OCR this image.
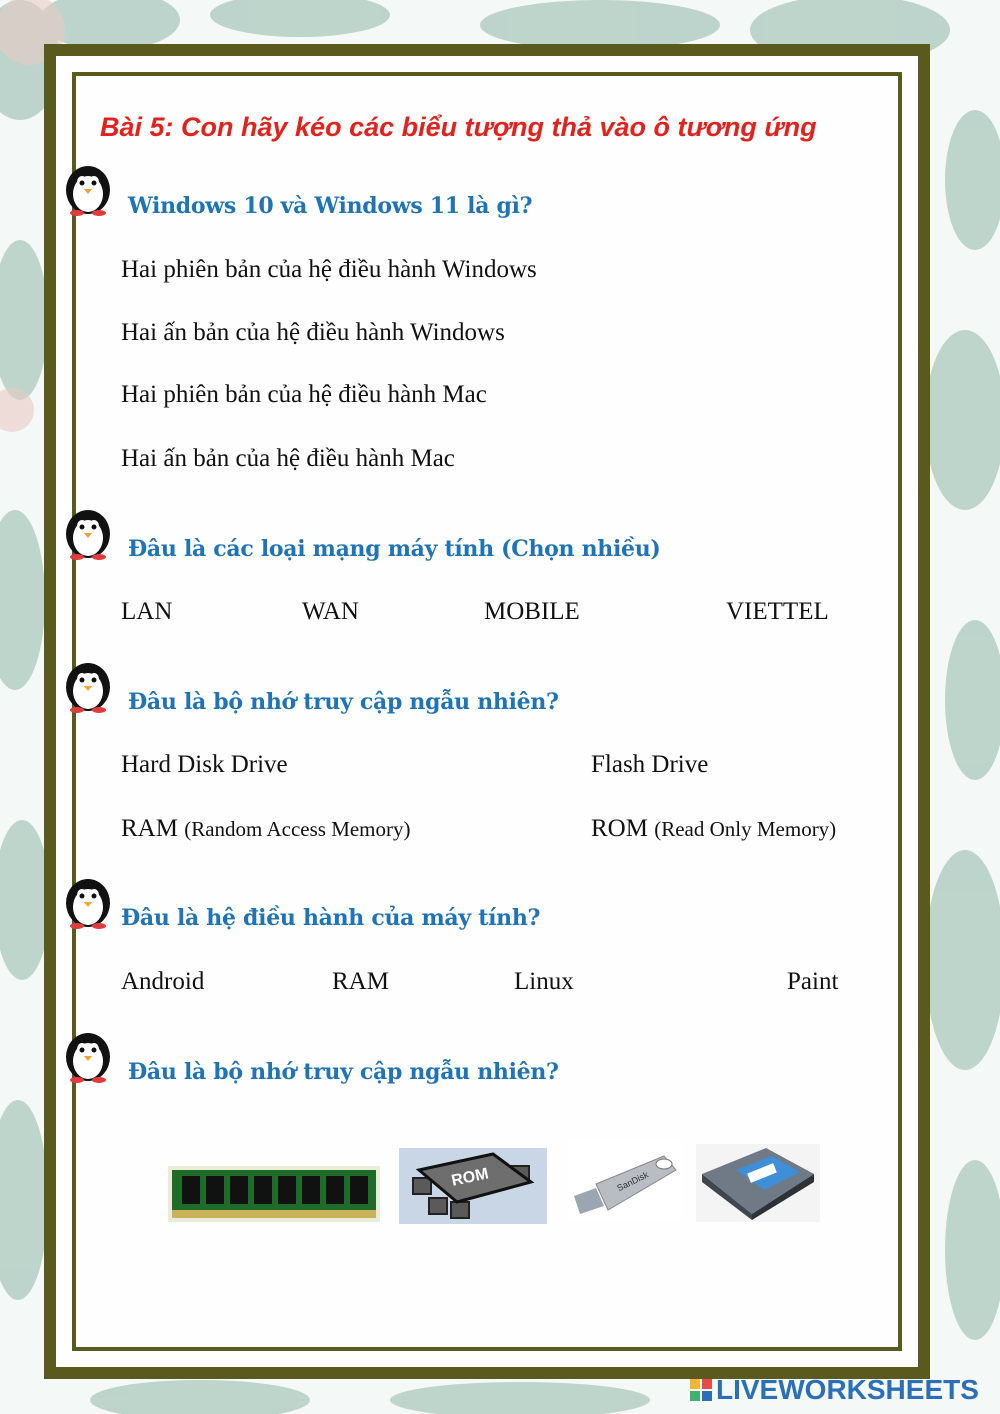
Bài 5: Con hãy kéo các biểu tượng thả vào ô tương ứng
Windows 10 và Windows 11 là gì?
Hai phiên bản của hệ điều hành Windows
Hai ấn bản của hệ điều hành Windows
Hai phiên bản của hệ điều hành Mac
Hai ấn bản của hệ điều hành Mac
Đâu là các loại mạng máy tính (Chọn nhiều)
LAN	WAN	MOBILE	VIETTEL
Đâu là bộ nhớ truy cập ngẫu nhiên?
Hard Disk Drive	Flash Drive
RAM (Random Access Memory)	ROM (Read Only Memory)
Đâu là hệ điều hành của máy tính?
Android	RAM	Linux	Paint
Đâu là bộ nhớ truy cập ngẫu nhiên?
ROM	SanDisk
LIVEWORKSHEETS
